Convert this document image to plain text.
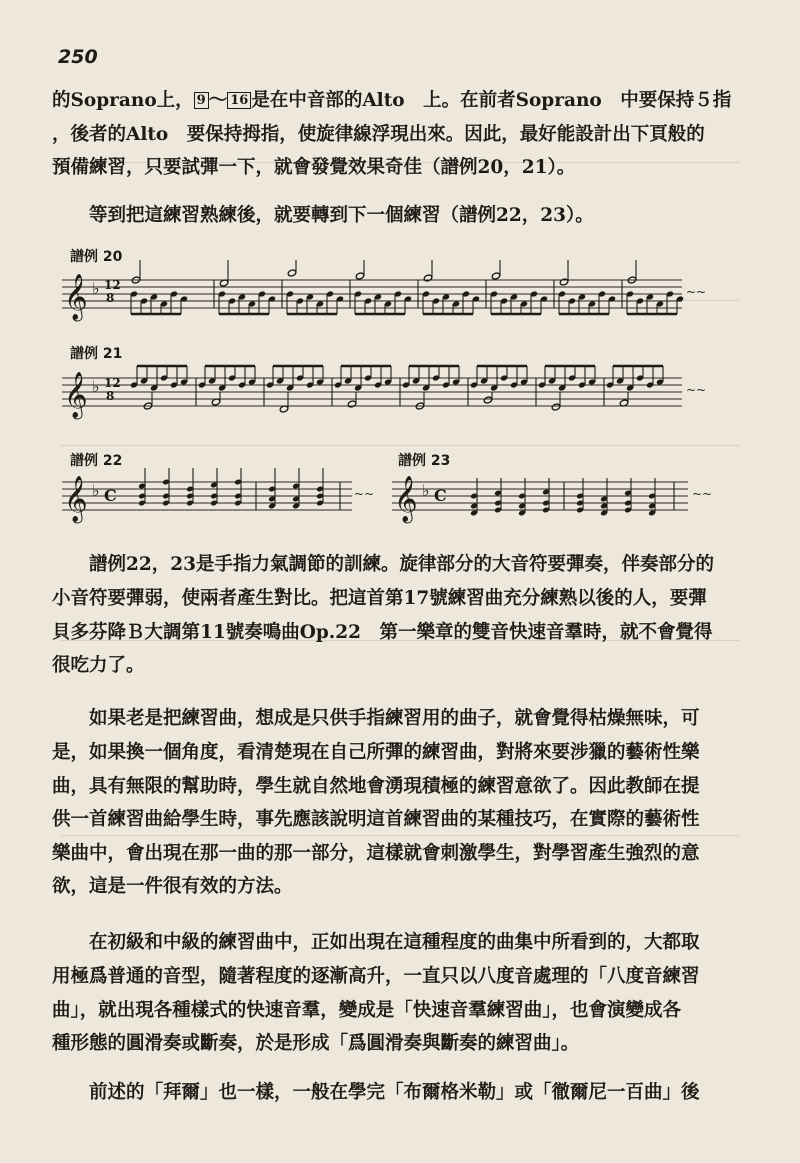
250
的Soprano上， 9 ～ 16 是在中音部的Alto　上。在前者Soprano　中要保持５指
，後者的Alto　要保持拇指，使旋律線浮現出來。因此，最好能設計出下頁般的
預備練習，只要試彈一下，就會發覺效果奇佳（譜例20，21）。
等到把這練習熟練後，就要轉到下一個練習（譜例22，23）。
譜例 20
𝄞 ♭ 12
8	~~
譜例 21
𝄞 ♭ 12
8	~~
譜例 22
𝄞 ♭ C	~~
譜例 23
𝄞 ♭ C	~~
譜例22，23是手指力氣調節的訓練。旋律部分的大音符要彈奏，伴奏部分的
小音符要彈弱，使兩者產生對比。把這首第17號練習曲充分練熟以後的人，要彈
貝多芬降Ｂ大調第11號奏鳴曲Op.22　第一樂章的雙音快速音羣時，就不會覺得
很吃力了。
如果老是把練習曲，想成是只供手指練習用的曲子，就會覺得枯燥無味，可
是，如果換一個角度，看清楚現在自己所彈的練習曲，對將來要涉獵的藝術性樂
曲，具有無限的幫助時，學生就自然地會湧現積極的練習意欲了。因此教師在提
供一首練習曲給學生時，事先應該說明這首練習曲的某種技巧，在實際的藝術性
樂曲中，會出現在那一曲的那一部分，這樣就會刺激學生，對學習產生強烈的意
欲，這是一件很有效的方法。
在初級和中級的練習曲中，正如出現在這種程度的曲集中所看到的，大都取
用極爲普通的音型，隨著程度的逐漸高升，一直只以八度音處理的「八度音練習
曲」，就出現各種樣式的快速音羣，變成是「快速音羣練習曲」，也會演變成各
種形態的圓滑奏或斷奏，於是形成「爲圓滑奏與斷奏的練習曲」。
前述的「拜爾」也一樣，一般在學完「布爾格米勒」或「徹爾尼一百曲」後
